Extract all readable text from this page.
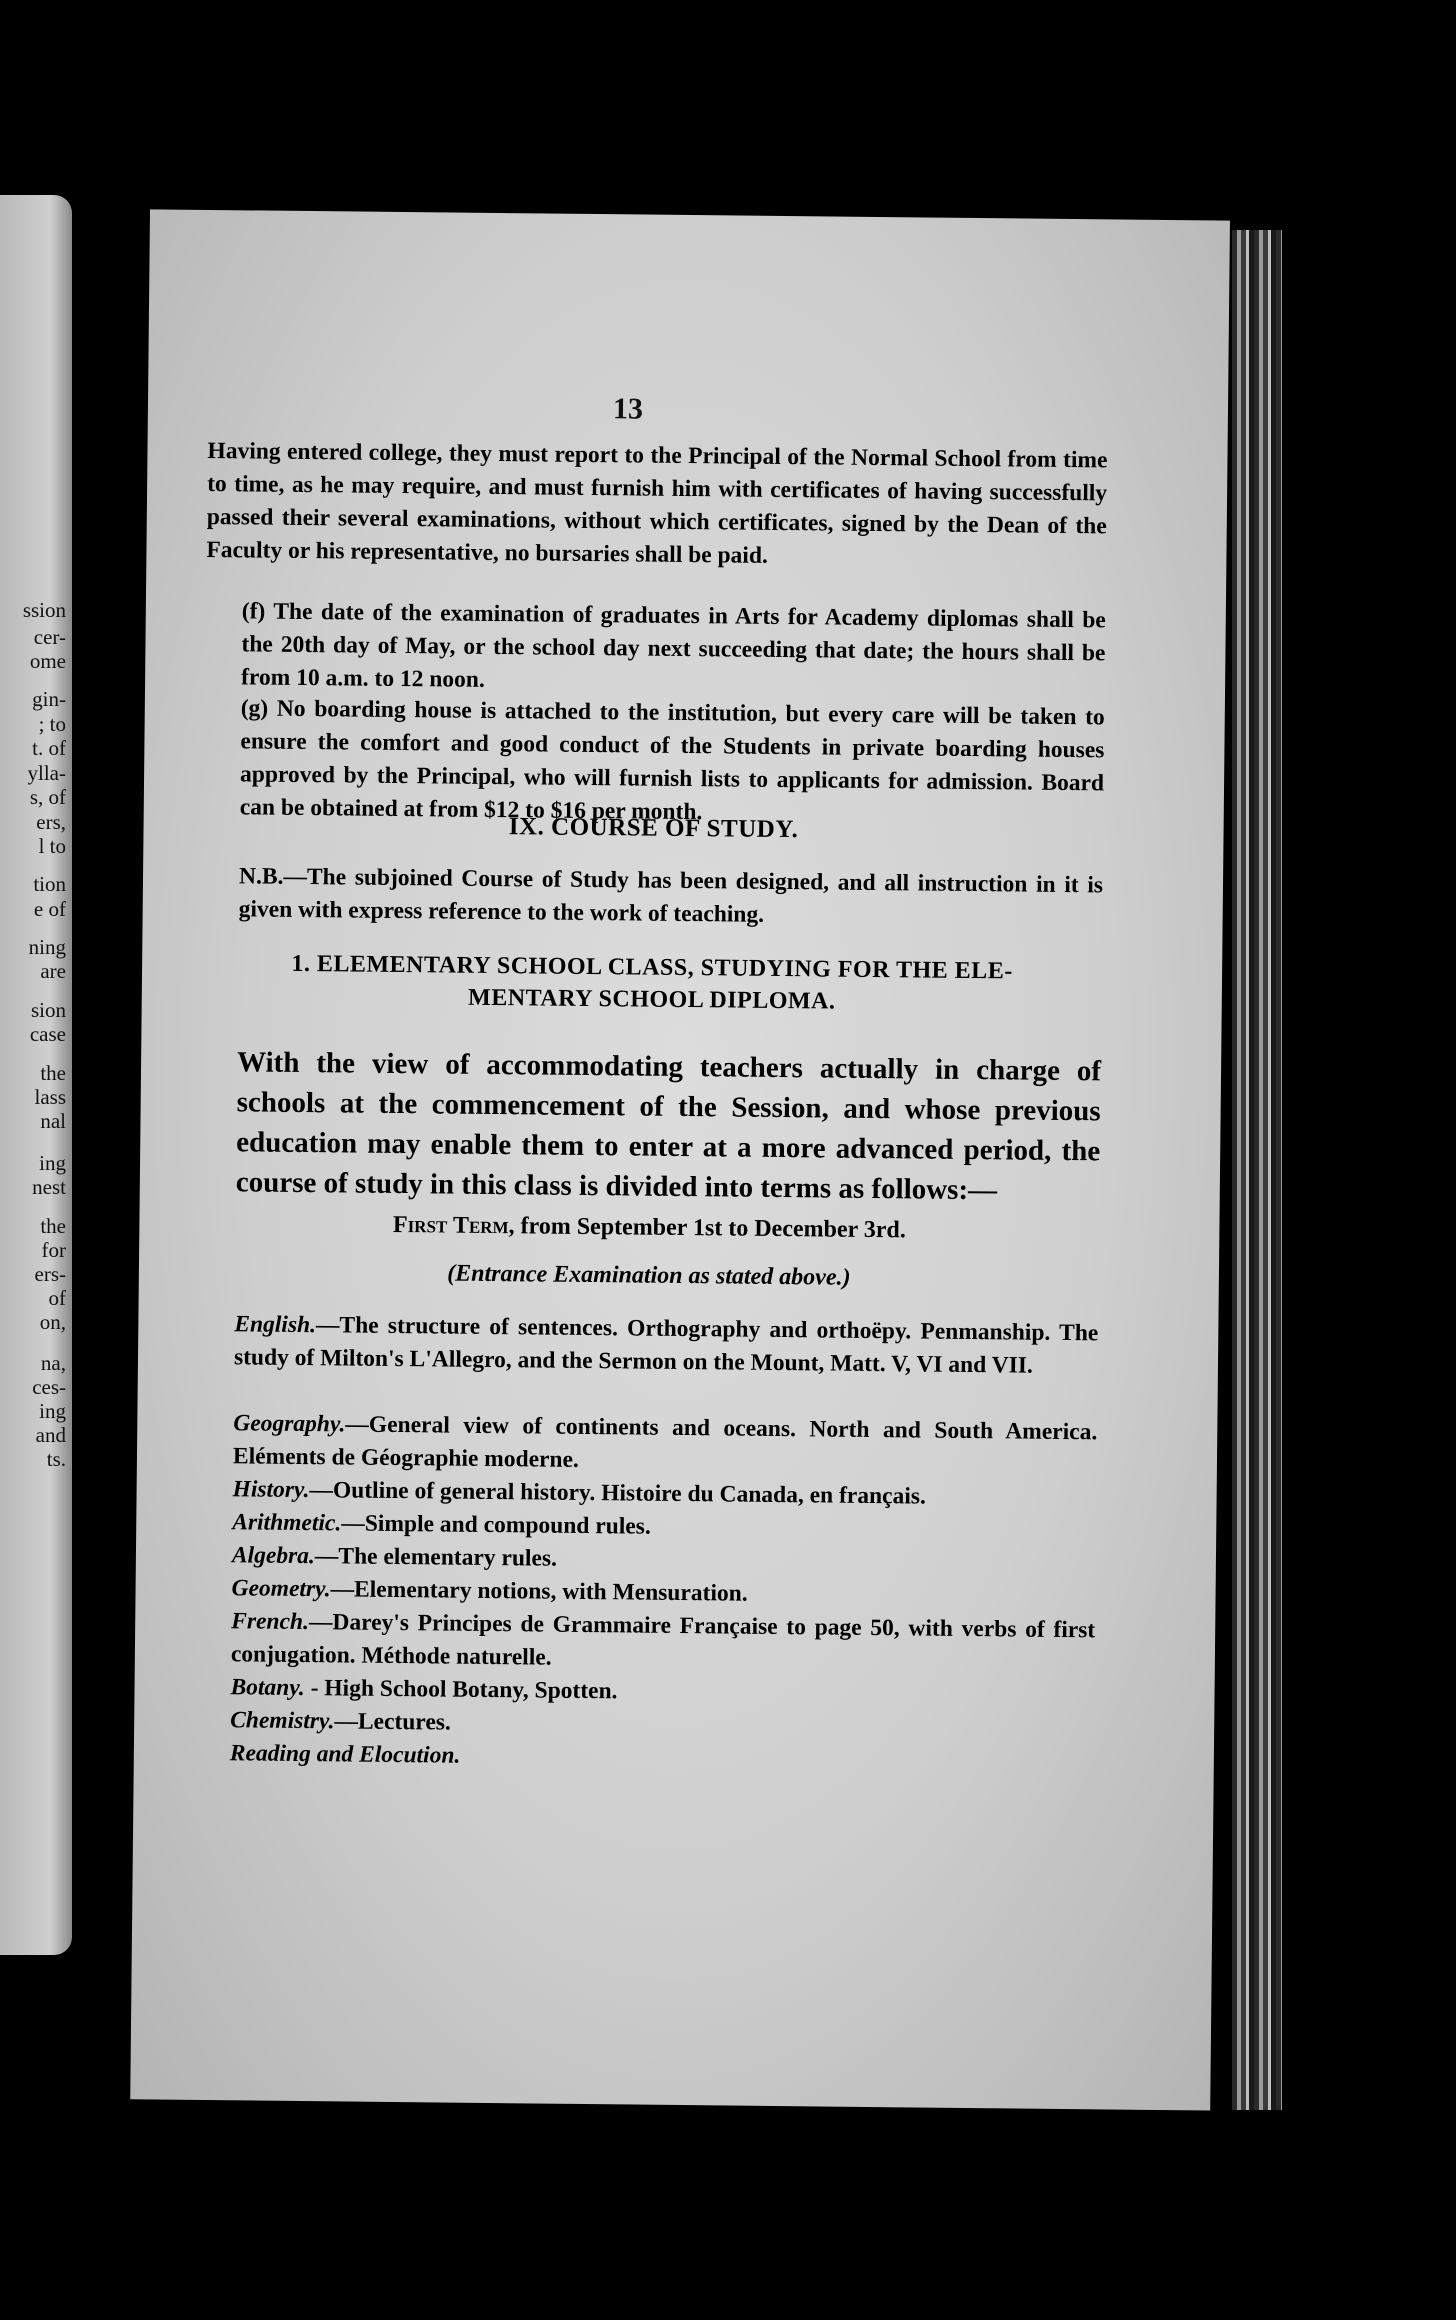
ssion
cer-
ome
gin-
; to
t. of
ylla-
s, of
ers,
l to
tion
e of
ning
are
sion
case
the
lass
nal
ing
nest
the
for
ers-
of
on,
na,
ces-
ing
and
ts.
13

Having entered college, they must report to the Principal of the Normal School from time to time, as he may require, and must furnish him with certificates of having successfully passed their several examinations, without which certificates, signed by the Dean of the Faculty or his representative, no bursaries shall be paid.

(f) The date of the examination of graduates in Arts for Academy diplomas shall be the 20th day of May, or the school day next succeeding that date; the hours shall be from 10 a.m. to 12 noon.

(g) No boarding house is attached to the institution, but every care will be taken to ensure the comfort and good conduct of the Students in private boarding houses approved by the Principal, who will furnish lists to applicants for admission. Board can be obtained at from $12 to $16 per month.

IX. COURSE OF STUDY.

N.B.—The subjoined Course of Study has been designed, and all instruction in it is given with express reference to the work of teaching.

1. ELEMENTARY SCHOOL CLASS, STUDYING FOR THE ELE-
MENTARY SCHOOL DIPLOMA.

With the view of accommodating teachers actually in charge of schools at the commencement of the Session, and whose previous education may enable them to enter at a more advanced period, the course of study in this class is divided into terms as follows:—

First Term, from September 1st to December 3rd.
(Entrance Examination as stated above.)

English.—The structure of sentences. Orthography and orthoëpy. Penmanship. The study of Milton's L'Allegro, and the Sermon on the Mount, Matt. V, VI and VII.

Geography.—General view of continents and oceans. North and South America. Eléments de Géographie moderne.

History.—Outline of general history. Histoire du Canada, en français.

Arithmetic.—Simple and compound rules.

Algebra.—The elementary rules.

Geometry.—Elementary notions, with Mensuration.

French.—Darey's Principes de Grammaire Française to page 50, with verbs of first conjugation. Méthode naturelle.

Botany. - High School Botany, Spotten.

Chemistry.—Lectures.

Reading and Elocution.
